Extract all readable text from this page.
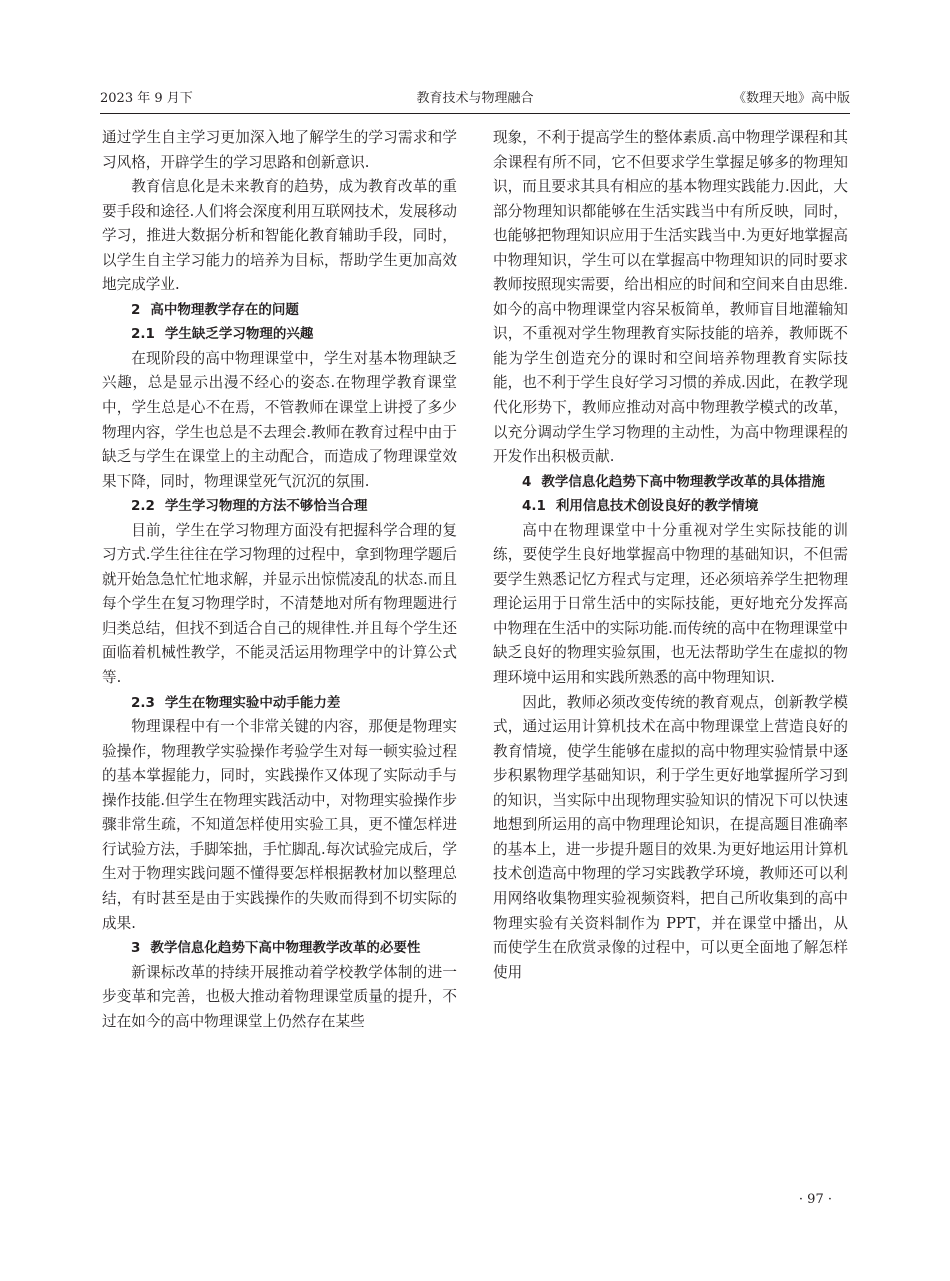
2023 年 9 月下	教育技术与物理融合	《数理天地》高中版

通过学生自主学习更加深入地了解学生的学习需求和学习风格，开辟学生的学习思路和创新意识.

教育信息化是未来教育的趋势，成为教育改革的重要手段和途径.人们将会深度利用互联网技术，发展移动学习，推进大数据分析和智能化教育辅助手段，同时，以学生自主学习能力的培养为目标，帮助学生更加高效地完成学业.

2 高中物理教学存在的问题
2.1 学生缺乏学习物理的兴趣

在现阶段的高中物理课堂中，学生对基本物理缺乏兴趣，总是显示出漫不经心的姿态.在物理学教育课堂中，学生总是心不在焉，不管教师在课堂上讲授了多少物理内容，学生也总是不去理会.教师在教育过程中由于缺乏与学生在课堂上的主动配合，而造成了物理课堂效果下降，同时，物理课堂死气沉沉的氛围.

2.2 学生学习物理的方法不够恰当合理

目前，学生在学习物理方面没有把握科学合理的复习方式.学生往往在学习物理的过程中，拿到物理学题后就开始急急忙忙地求解，并显示出惊慌凌乱的状态.而且每个学生在复习物理学时，不清楚地对所有物理题进行归类总结，但找不到适合自己的规律性.并且每个学生还面临着机械性教学，不能灵活运用物理学中的计算公式等.

2.3 学生在物理实验中动手能力差

物理课程中有一个非常关键的内容，那便是物理实验操作，物理教学实验操作考验学生对每一顿实验过程的基本掌握能力，同时，实践操作又体现了实际动手与操作技能.但学生在物理实践活动中，对物理实验操作步骤非常生疏，不知道怎样使用实验工具，更不懂怎样进行试验方法，手脚笨拙，手忙脚乱.每次试验完成后，学生对于物理实践问题不懂得要怎样根据教材加以整理总结，有时甚至是由于实践操作的失败而得到不切实际的成果.

3 教学信息化趋势下高中物理教学改革的必要性

新课标改革的持续开展推动着学校教学体制的进一步变革和完善，也极大推动着物理课堂质量的提升，不过在如今的高中物理课堂上仍然存在某些

现象，不利于提高学生的整体素质.高中物理学课程和其余课程有所不同，它不但要求学生掌握足够多的物理知识，而且要求其具有相应的基本物理实践能力.因此，大部分物理知识都能够在生活实践当中有所反映，同时，也能够把物理知识应用于生活实践当中.为更好地掌握高中物理知识，学生可以在掌握高中物理知识的同时要求教师按照现实需要，给出相应的时间和空间来自由思维.如今的高中物理课堂内容呆板简单，教师盲目地灌输知识，不重视对学生物理教育实际技能的培养，教师既不能为学生创造充分的课时和空间培养物理教育实际技能，也不利于学生良好学习习惯的养成.因此，在教学现代化形势下，教师应推动对高中物理教学模式的改革，以充分调动学生学习物理的主动性，为高中物理课程的开发作出积极贡献.

4 教学信息化趋势下高中物理教学改革的具体措施
4.1 利用信息技术创设良好的教学情境

高中在物理课堂中十分重视对学生实际技能的训练，要使学生良好地掌握高中物理的基础知识，不但需要学生熟悉记忆方程式与定理，还必须培养学生把物理理论运用于日常生活中的实际技能，更好地充分发挥高中物理在生活中的实际功能.而传统的高中在物理课堂中缺乏良好的物理实验氛围，也无法帮助学生在虚拟的物理环境中运用和实践所熟悉的高中物理知识.

因此，教师必须改变传统的教育观点，创新教学模式，通过运用计算机技术在高中物理课堂上营造良好的教育情境，使学生能够在虚拟的高中物理实验情景中逐步积累物理学基础知识，利于学生更好地掌握所学习到的知识，当实际中出现物理实验知识的情况下可以快速地想到所运用的高中物理理论知识，在提高题目准确率的基本上，进一步提升题目的效果.为更好地运用计算机技术创造高中物理的学习实践教学环境，教师还可以利用网络收集物理实验视频资料，把自己所收集到的高中物理实验有关资料制作为 PPT，并在课堂中播出，从而使学生在欣赏录像的过程中，可以更全面地了解怎样使用

· 97 ·
